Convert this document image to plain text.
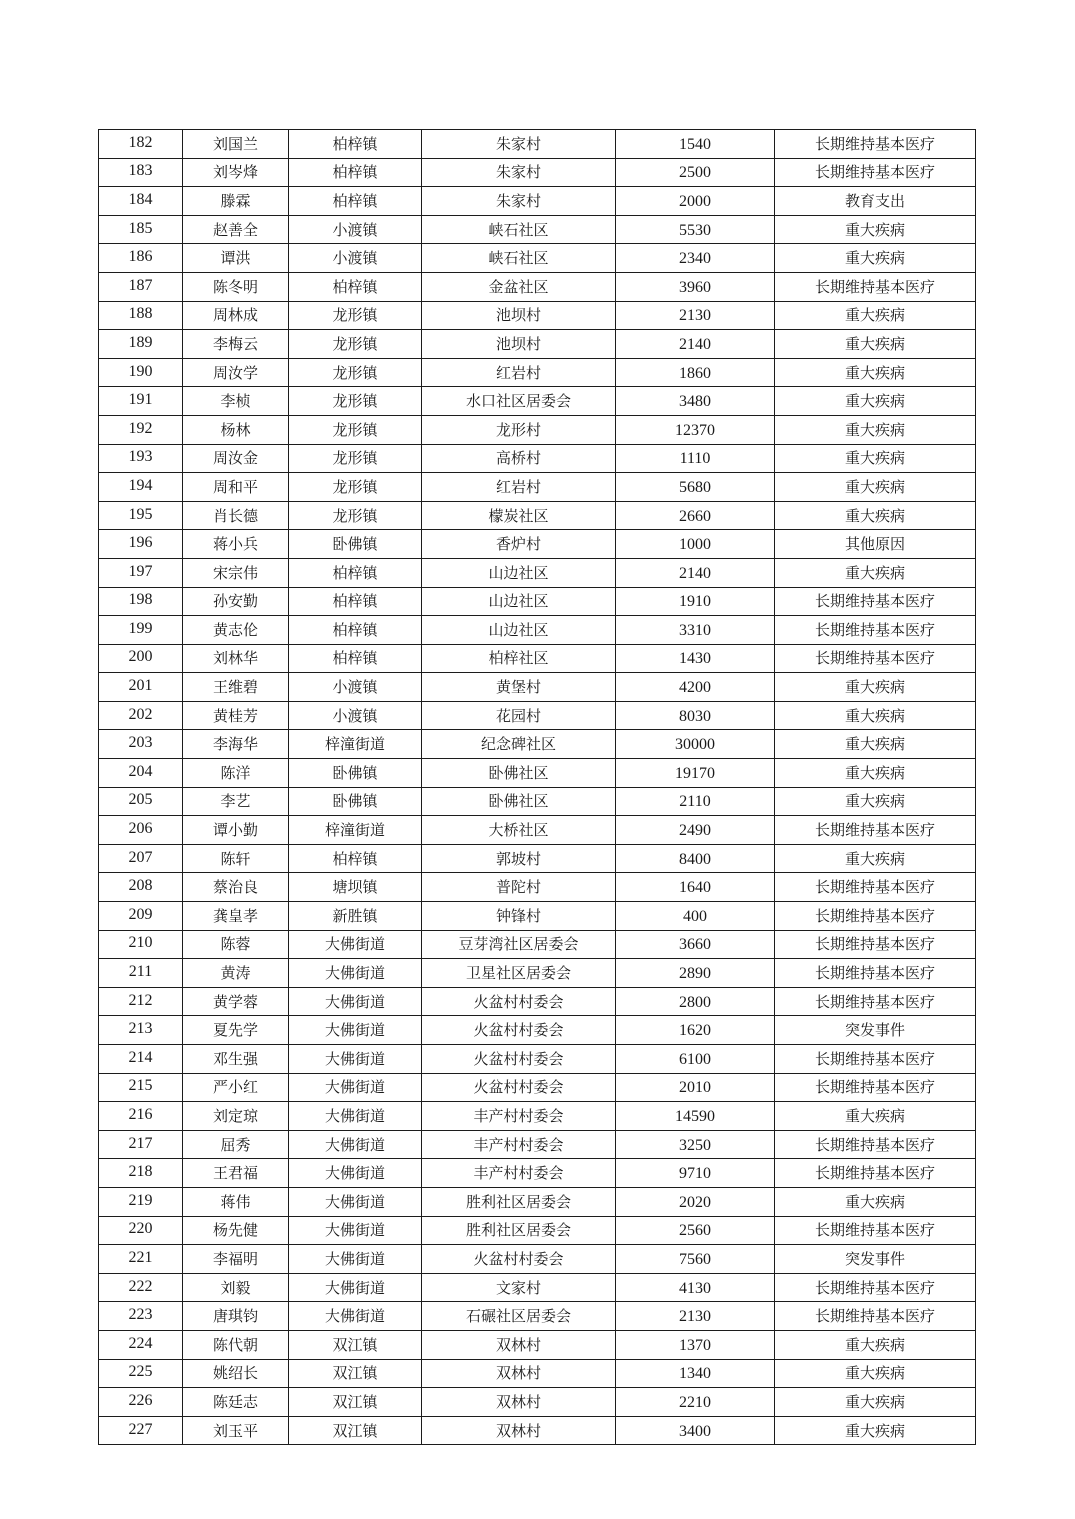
182	刘国兰	柏梓镇	朱家村	1540	长期维持基本医疗
183	刘岑烽	柏梓镇	朱家村	2500	长期维持基本医疗
184	滕霖	柏梓镇	朱家村	2000	教育支出
185	赵善全	小渡镇	峡石社区	5530	重大疾病
186	谭洪	小渡镇	峡石社区	2340	重大疾病
187	陈冬明	柏梓镇	金盆社区	3960	长期维持基本医疗
188	周林成	龙形镇	池坝村	2130	重大疾病
189	李梅云	龙形镇	池坝村	2140	重大疾病
190	周汝学	龙形镇	红岩村	1860	重大疾病
191	李桢	龙形镇	水口社区居委会	3480	重大疾病
192	杨林	龙形镇	龙形村	12370	重大疾病
193	周汝金	龙形镇	高桥村	1110	重大疾病
194	周和平	龙形镇	红岩村	5680	重大疾病
195	肖长德	龙形镇	檬炭社区	2660	重大疾病
196	蒋小兵	卧佛镇	香炉村	1000	其他原因
197	宋宗伟	柏梓镇	山边社区	2140	重大疾病
198	孙安勤	柏梓镇	山边社区	1910	长期维持基本医疗
199	黄志伦	柏梓镇	山边社区	3310	长期维持基本医疗
200	刘林华	柏梓镇	柏梓社区	1430	长期维持基本医疗
201	王维碧	小渡镇	黄堡村	4200	重大疾病
202	黄桂芳	小渡镇	花园村	8030	重大疾病
203	李海华	梓潼街道	纪念碑社区	30000	重大疾病
204	陈洋	卧佛镇	卧佛社区	19170	重大疾病
205	李艺	卧佛镇	卧佛社区	2110	重大疾病
206	谭小勤	梓潼街道	大桥社区	2490	长期维持基本医疗
207	陈轩	柏梓镇	郭坡村	8400	重大疾病
208	蔡治良	塘坝镇	普陀村	1640	长期维持基本医疗
209	龚皇孝	新胜镇	钟锋村	400	长期维持基本医疗
210	陈蓉	大佛街道	豆芽湾社区居委会	3660	长期维持基本医疗
211	黄涛	大佛街道	卫星社区居委会	2890	长期维持基本医疗
212	黄学蓉	大佛街道	火盆村村委会	2800	长期维持基本医疗
213	夏先学	大佛街道	火盆村村委会	1620	突发事件
214	邓生强	大佛街道	火盆村村委会	6100	长期维持基本医疗
215	严小红	大佛街道	火盆村村委会	2010	长期维持基本医疗
216	刘定琼	大佛街道	丰产村村委会	14590	重大疾病
217	屈秀	大佛街道	丰产村村委会	3250	长期维持基本医疗
218	王君福	大佛街道	丰产村村委会	9710	长期维持基本医疗
219	蒋伟	大佛街道	胜利社区居委会	2020	重大疾病
220	杨先健	大佛街道	胜利社区居委会	2560	长期维持基本医疗
221	李福明	大佛街道	火盆村村委会	7560	突发事件
222	刘毅	大佛街道	文家村	4130	长期维持基本医疗
223	唐琪钧	大佛街道	石碾社区居委会	2130	长期维持基本医疗
224	陈代朝	双江镇	双林村	1370	重大疾病
225	姚绍长	双江镇	双林村	1340	重大疾病
226	陈廷志	双江镇	双林村	2210	重大疾病
227	刘玉平	双江镇	双林村	3400	重大疾病
